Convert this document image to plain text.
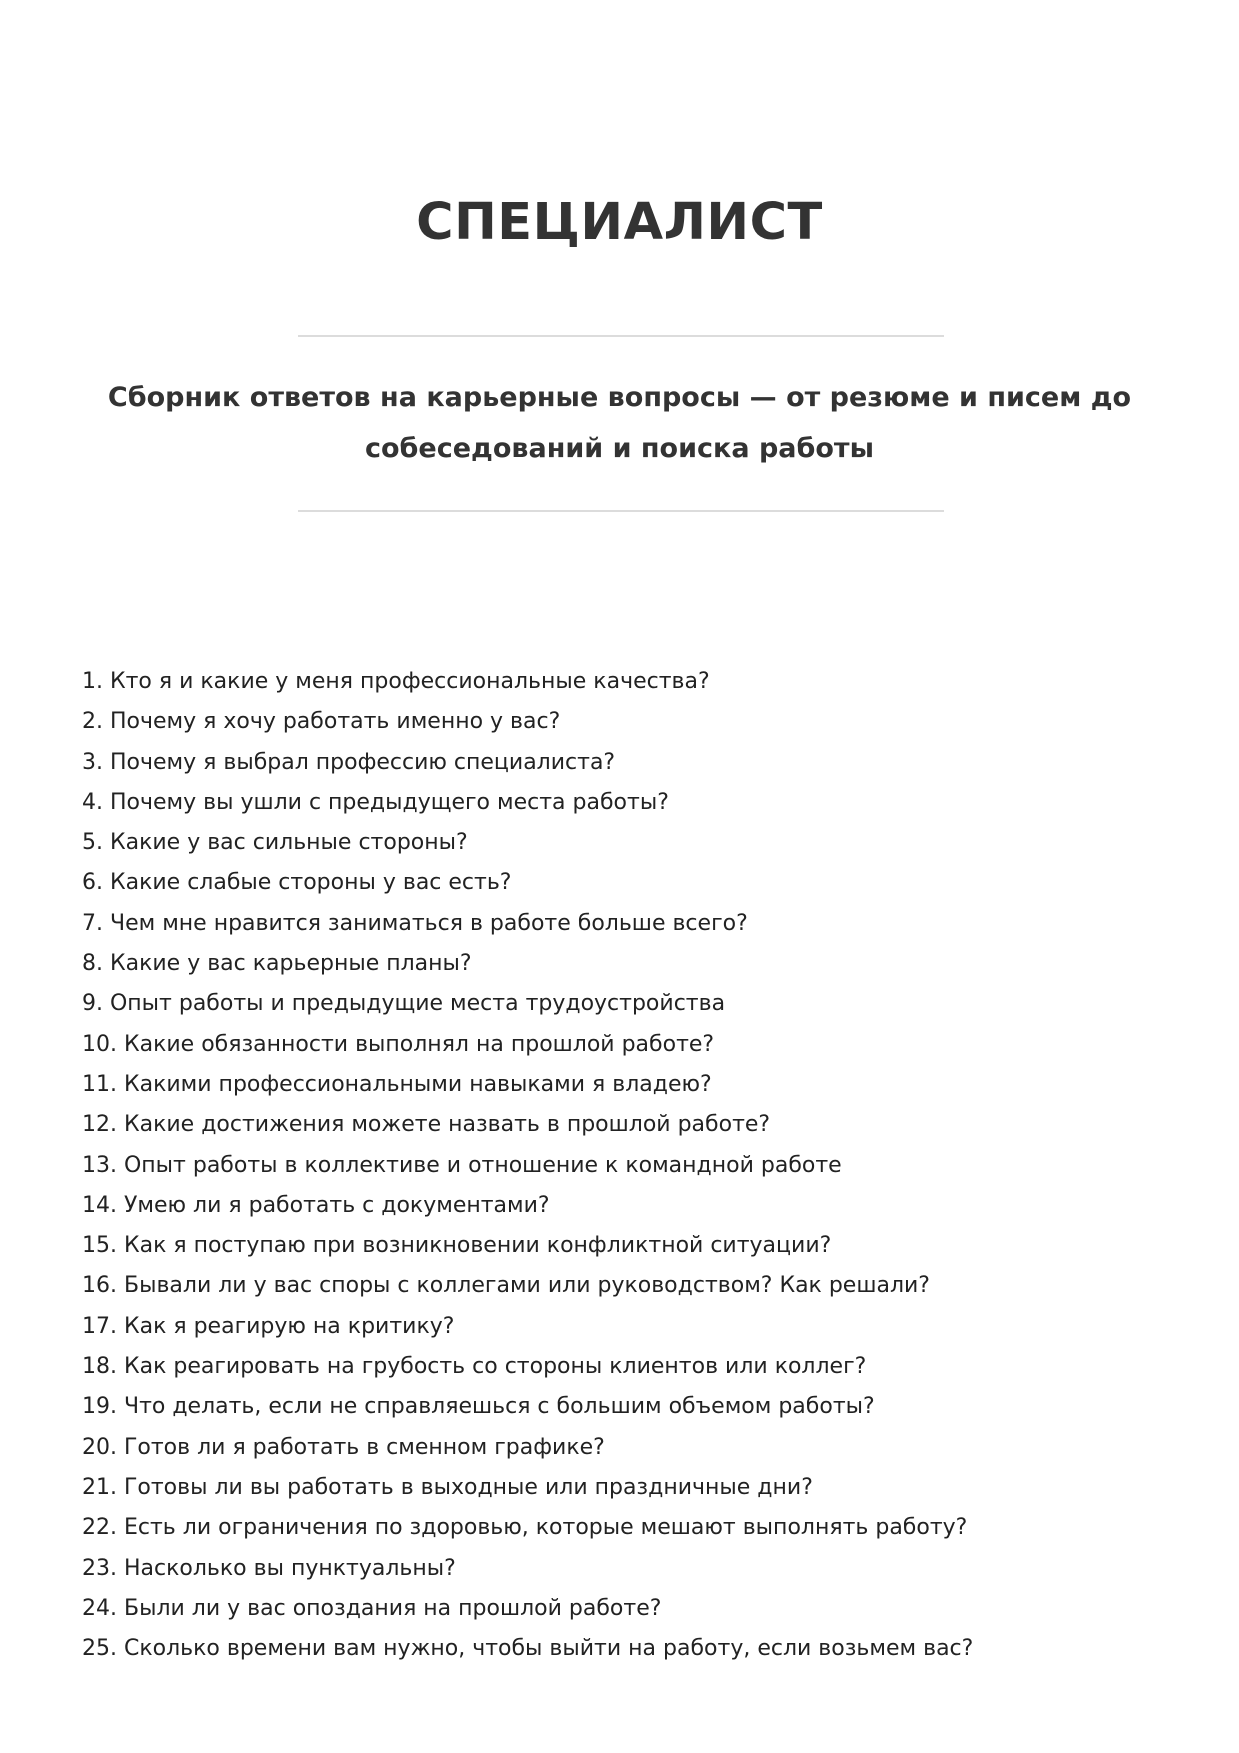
СПЕЦИАЛИСТ

Сборник ответов на карьерные вопросы — от резюме и писем до собеседований и поиска работы

1. Кто я и какие у меня профессиональные качества?
2. Почему я хочу работать именно у вас?
3. Почему я выбрал профессию специалиста?
4. Почему вы ушли с предыдущего места работы?
5. Какие у вас сильные стороны?
6. Какие слабые стороны у вас есть?
7. Чем мне нравится заниматься в работе больше всего?
8. Какие у вас карьерные планы?
9. Опыт работы и предыдущие места трудоустройства
10. Какие обязанности выполнял на прошлой работе?
11. Какими профессиональными навыками я владею?
12. Какие достижения можете назвать в прошлой работе?
13. Опыт работы в коллективе и отношение к командной работе
14. Умею ли я работать с документами?
15. Как я поступаю при возникновении конфликтной ситуации?
16. Бывали ли у вас споры с коллегами или руководством? Как решали?
17. Как я реагирую на критику?
18. Как реагировать на грубость со стороны клиентов или коллег?
19. Что делать, если не справляешься с большим объемом работы?
20. Готов ли я работать в сменном графике?
21. Готовы ли вы работать в выходные или праздничные дни?
22. Есть ли ограничения по здоровью, которые мешают выполнять работу?
23. Насколько вы пунктуальны?
24. Были ли у вас опоздания на прошлой работе?
25. Сколько времени вам нужно, чтобы выйти на работу, если возьмем вас?
